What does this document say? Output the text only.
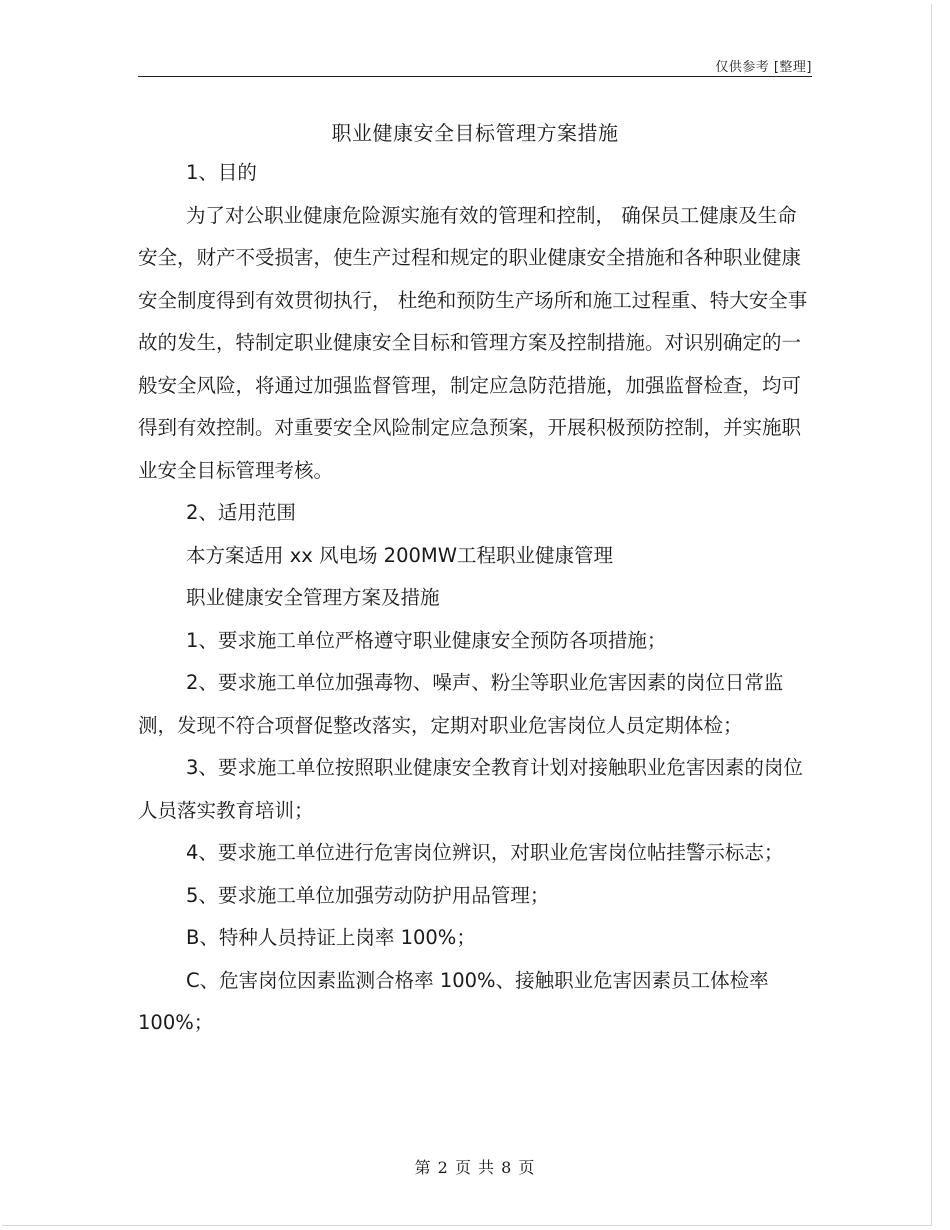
仅供参考 [整理]
职业健康安全目标管理方案措施

1、目的

为了对公职业健康危险源实施有效的管理和控制， 确保员工健康及生命安全，财产不受损害，使生产过程和规定的职业健康安全措施和各种职业健康安全制度得到有效贯彻执行， 杜绝和预防生产场所和施工过程重、特大安全事故的发生，特制定职业健康安全目标和管理方案及控制措施。对识别确定的一般安全风险，将通过加强监督管理，制定应急防范措施，加强监督检查，均可得到有效控制。对重要安全风险制定应急预案，开展积极预防控制，并实施职业安全目标管理考核。

2、适用范围

本方案适用 xx 风电场 200MW工程职业健康管理

职业健康安全管理方案及措施

1、要求施工单位严格遵守职业健康安全预防各项措施；

2、要求施工单位加强毒物、噪声、粉尘等职业危害因素的岗位日常监测，发现不符合项督促整改落实，定期对职业危害岗位人员定期体检；

3、要求施工单位按照职业健康安全教育计划对接触职业危害因素的岗位人员落实教育培训；

4、要求施工单位进行危害岗位辨识，对职业危害岗位帖挂警示标志；

5、要求施工单位加强劳动防护用品管理；

B、特种人员持证上岗率 100%；

C、危害岗位因素监测合格率 100%、接触职业危害因素员工体检率 100%；

第 2 页 共 8 页
